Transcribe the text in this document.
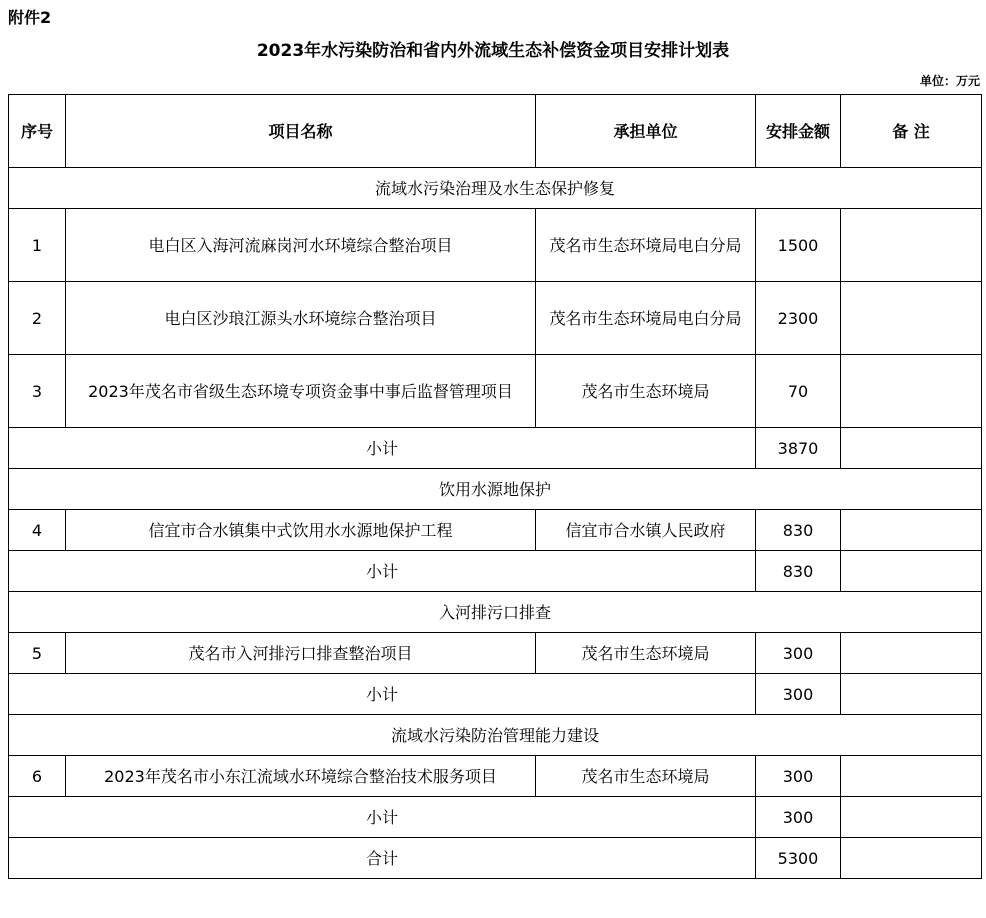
附件2
2023年水污染防治和省内外流域生态补偿资金项目安排计划表
单位：万元
序号	项目名称	承担单位	安排金额	备 注
流域水污染治理及水生态保护修复				
1	电白区入海河流麻岗河水环境综合整治项目	茂名市生态环境局电白分局	1500	
2	电白区沙琅江源头水环境综合整治项目	茂名市生态环境局电白分局	2300	
3	2023年茂名市省级生态环境专项资金事中事后监督管理项目	茂名市生态环境局	70	
小计			3870	
饮用水源地保护				
4	信宜市合水镇集中式饮用水水源地保护工程	信宜市合水镇人民政府	830	
小计			830	
入河排污口排查				
5	茂名市入河排污口排查整治项目	茂名市生态环境局	300	
小计			300	
流域水污染防治管理能力建设				
6	2023年茂名市小东江流域水环境综合整治技术服务项目	茂名市生态环境局	300	
小计			300	
合计			5300	
